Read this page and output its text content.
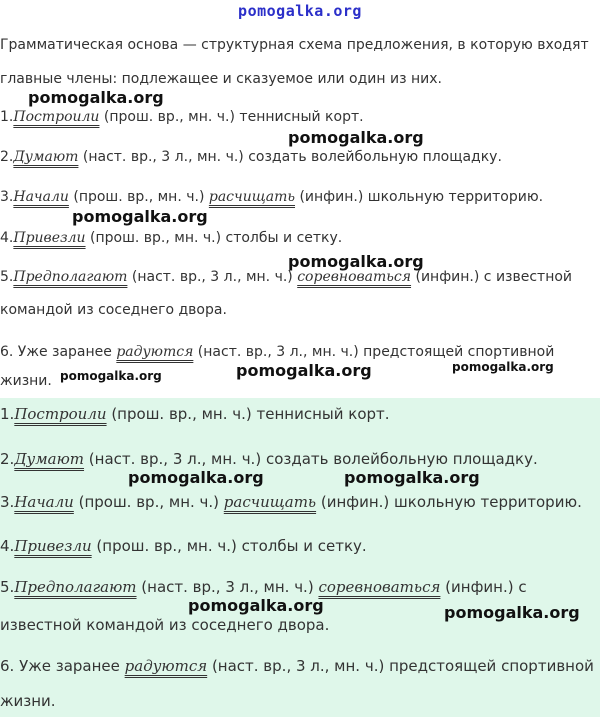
pomogalka.org
Грамматическая основа — структурная схема предложения, в которую входят
главные члены: подлежащее и сказуемое или один из них.
1.Построили (прош. вр., мн. ч.) теннисный корт.
2.Думают (наст. вр., 3 л., мн. ч.) создать волейбольную площадку.
3.Начали (прош. вр., мн. ч.) расчищать (инфин.) школьную территорию.
4.Привезли (прош. вр., мн. ч.) столбы и сетку.
5.Предполагают (наст. вр., 3 л., мн. ч.) соревноваться (инфин.) с известной
командой из соседнего двора.
6. Уже заранее радуются (наст. вр., 3 л., мн. ч.) предстоящей спортивной
жизни.
1.Построили (прош. вр., мн. ч.) теннисный корт.
2.Думают (наст. вр., 3 л., мн. ч.) создать волейбольную площадку.
3.Начали (прош. вр., мн. ч.) расчищать (инфин.) школьную территорию.
4.Привезли (прош. вр., мн. ч.) столбы и сетку.
5.Предполагают (наст. вр., 3 л., мн. ч.) соревноваться (инфин.) с
известной командой из соседнего двора.
6. Уже заранее радуются (наст. вр., 3 л., мн. ч.) предстоящей спортивной
жизни.
pomogalka.org
pomogalka.org
pomogalka.org
pomogalka.org
pomogalka.org
pomogalka.org
pomogalka.org
pomogalka.org	pomogalka.org
pomogalka.org	pomogalka.org
